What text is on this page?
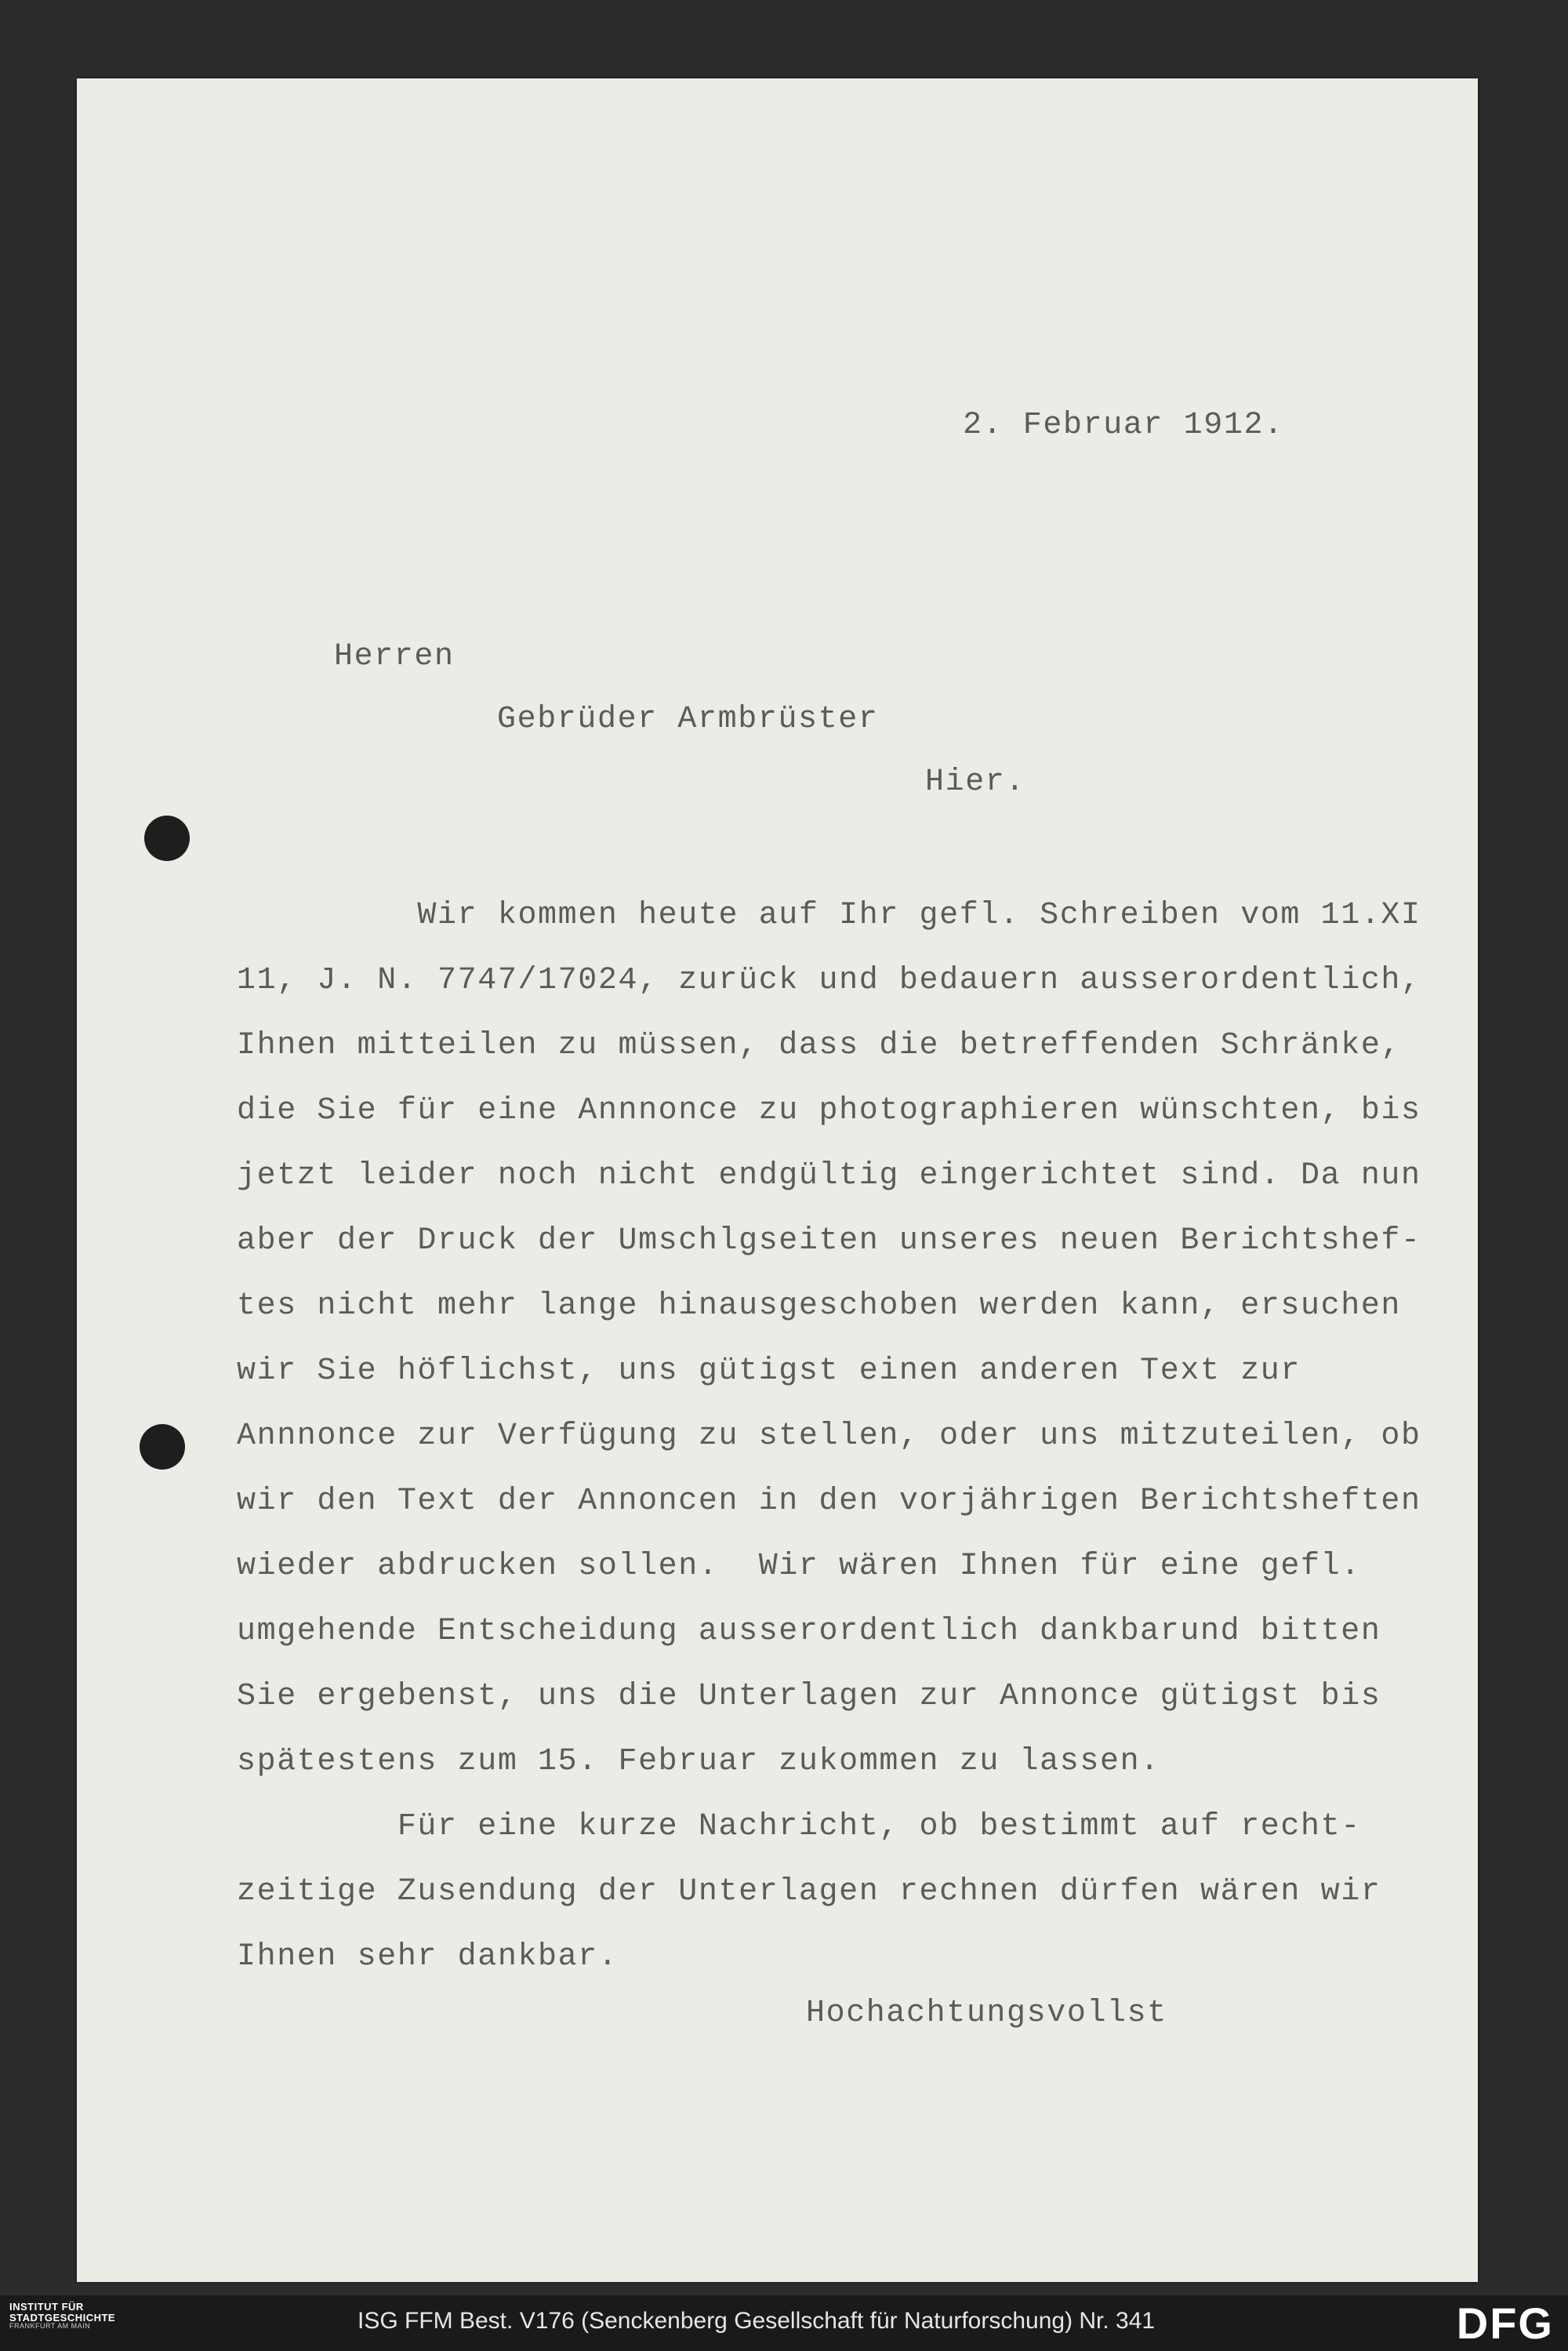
2. Februar 1912.
Herren
Gebrüder Armbrüster
Hier.

Wir kommen heute auf Ihr gefl. Schreiben vom 11.XI

11, J. N. 7747/17024, zurück und bedauern ausserordentlich,

Ihnen mitteilen zu müssen, dass die betreffenden Schränke,

die Sie für eine Annnonce zu photographieren wünschten, bis

jetzt leider noch nicht endgültig eingerichtet sind. Da nun

aber der Druck der Umschlgseiten unseres neuen Berichtshef-

tes nicht mehr lange hinausgeschoben werden kann, ersuchen

wir Sie höflichst, uns gütigst einen anderen Text zur

Annnonce zur Verfügung zu stellen, oder uns mitzuteilen, ob

wir den Text der Annoncen in den vorjährigen Berichtsheften

wieder abdrucken sollen.  Wir wären Ihnen für eine gefl.

umgehende Entscheidung ausserordentlich dankbarund bitten

Sie ergebenst, uns die Unterlagen zur Annonce gütigst bis

spätestens zum 15. Februar zukommen zu lassen.

Für eine kurze Nachricht, ob bestimmt auf recht-

zeitige Zusendung der Unterlagen rechnen dürfen wären wir

Ihnen sehr dankbar.

Hochachtungsvollst
INSTITUT FÜR
STADTGESCHICHTE
FRANKFURT AM MAIN	ISG FFM Best. V176 (Senckenberg Gesellschaft für Naturforschung) Nr. 341	DFG
